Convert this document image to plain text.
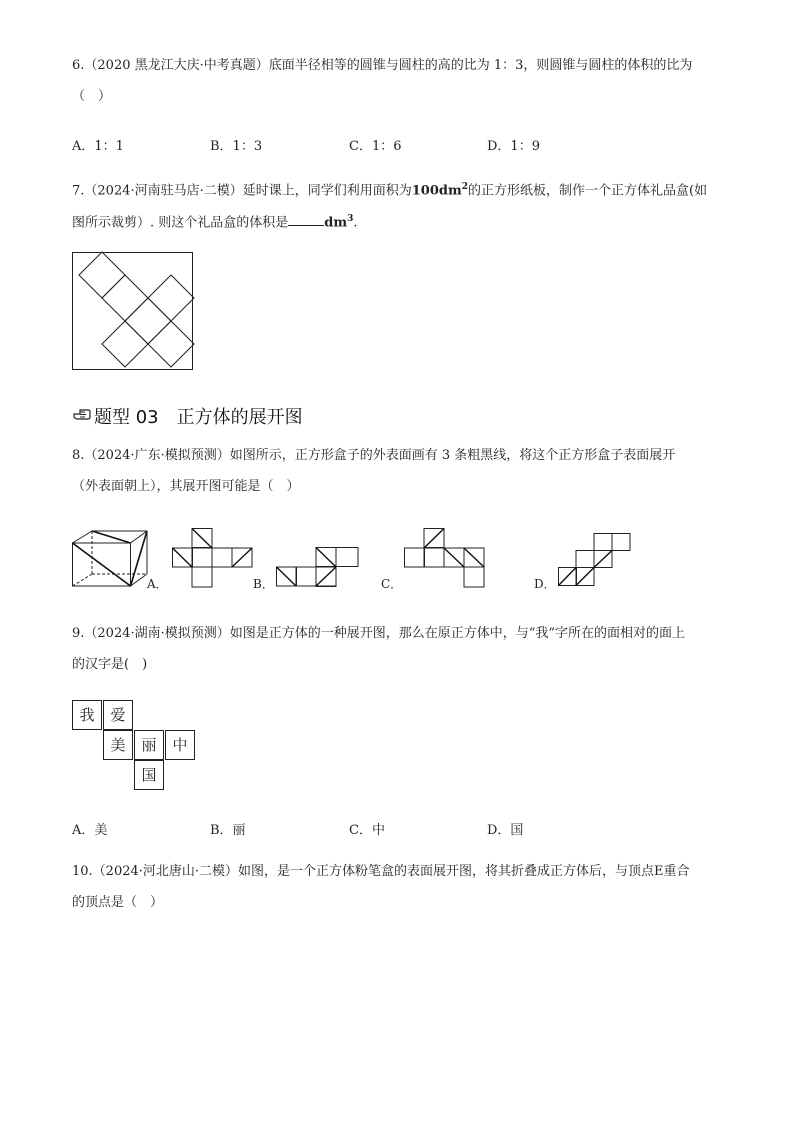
6.（2020 黑龙江大庆·中考真题）底面半径相等的圆锥与圆柱的高的比为 1：3，则圆锥与圆柱的体积的比为
（　）
A．1：1	B．1：3	C．1：6	D．1：9
7.（2024·河南驻马店·二模）延时课上，同学们利用面积为$100dm^2$的正方形纸板，制作一个正方体礼品盒(如
图所示裁剪）. 则这个礼品盒的体积是	$dm^3$.
题型 03　正方体的展开图
8.（2024·广东·模拟预测）如图所示，正方形盒子的外表面画有 3 条粗黑线，将这个正方形盒子表面展开
（外表面朝上），其展开图可能是（　）
A．	B．	C．	D．
9.（2024·湖南·模拟预测）如图是正方体的一种展开图，那么在原正方体中，与“我”字所在的面相对的面上
的汉字是(　)
我	爱
美	丽	中
国
A．美	B．丽	C．中	D．国
10.（2024·河北唐山·二模）如图，是一个正方体粉笔盒的表面展开图，将其折叠成正方体后，与顶点E重合
的顶点是（　）
